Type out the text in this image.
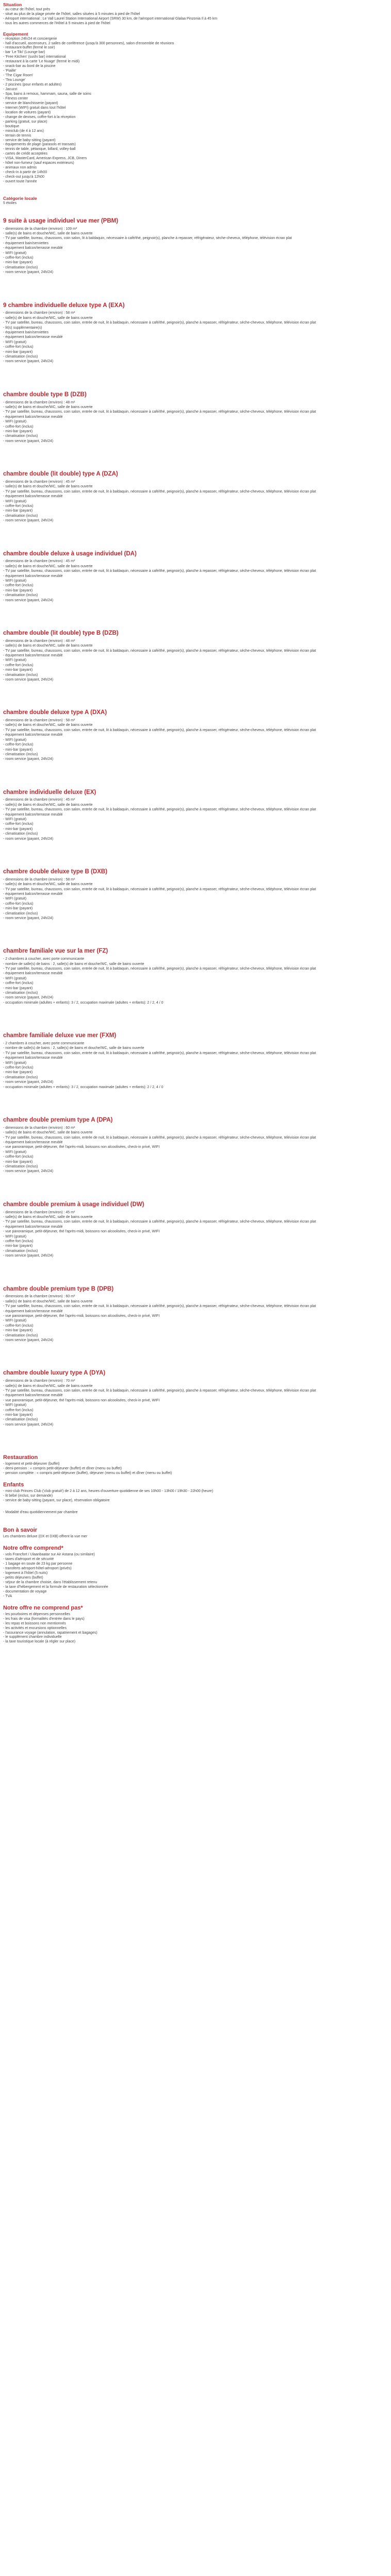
Situation

- au cœur de l'hôtel, tout près

- situé au plus de la plage privée de l'hôtel, salles situées à 5 minutes à pied de l'hôtel

- Aéroport international : Le Vall Laurel Station International Airport (SRW) 30 km, de l'aéroport international Glalaa Pinzonia Il à 45 km

- tous les autres commerces de l'Hôtel à 5 minutes à pied de l'hôtel

Equipement

- réception 24h/24 et conciergerie

- hall d'accueil, ascenseurs, 2 salles de conférence (jusqu'à 300 personnes), salon d'ensemble de réunions

- restaurant-buffet (fermé le soir)

- bar 'Le Tiki' (Lounge bar)

- 'Free Kitchen' (sushi bar) international

- restaurant à la carte 'Le Nuage' (fermé le midi)

- snack-bar au bord de la piscine

- 'Piaille'

- 'The Cigar Room'

- 'Tea Lounge'

- 2 piscines (pour enfants et adultes)

- Jacuzzi

- Spa, bains à remous, hammam, sauna, salle de soins

- Fitness center

- service de blanchisserie (payant)

- Internet (WIFI) gratuit dans tout l'hôtel

- location de voitures (payant)

- change de devises, coffre-fort à la réception

- parking (gratuit, sur place)

- boutique

- miniclub (de 4 à 12 ans)

- terrain de tennis

- service de baby-sitting (payant)

- équipements de plage (parasols et transats)

- tennis de table, pétanque, billard, volley-ball

- cartes de crédit acceptées

- VISA, MasterCard, American Express, JCB, Diners

- hôtel non-fumeur (sauf espaces extérieurs)

- animaux non admis

- check-in à partir de 14h00

- check-out jusqu'à 12h00

- ouvert toute l'année

Catégorie locale

5 étoiles

9 suite à usage individuel vue mer (PBM)

- dimensions de la chambre (environ) : 109 m²

- salle(s) de bains et douche/WC, salle de bains ouverte

- TV par satellite, bureau, chaussons, coin salon, lit à baldaquin, nécessaire à café/thé, peignoir(s), planche à repasser, réfrigérateur, sèche-cheveux, téléphone, télévision écran plat

- équipement bain/serviettes

- équipement balcon/terrasse meublé

- WIFI (gratuit)

- coffre-fort (inclus)

- mini-bar (payant)

- climatisation (inclus)

- room service (payant, 24h/24)

9 chambre individuelle deluxe type A (EXA)

- dimensions de la chambre (environ) : 58 m²

- salle(s) de bains et douche/WC, salle de bains ouverte

- TV par satellite, bureau, chaussons, coin salon, entrée de nuit, lit à baldaquin, nécessaire à café/thé, peignoir(s), planche à repasser, réfrigérateur, sèche-cheveux, téléphone, télévision écran plat

- lit(s) supplémentaire(s)

- équipement bain/serviettes

- équipement balcon/terrasse meublé

- WIFI (gratuit)

- coffre-fort (inclus)

- mini-bar (payant)

- climatisation (inclus)

- room service (payant, 24h/24)

chambre double type B (DZB)

- dimensions de la chambre (environ) : 48 m²

- salle(s) de bains et douche/WC, salle de bains ouverte

- TV par satellite, bureau, chaussons, coin salon, entrée de nuit, lit à baldaquin, nécessaire à café/thé, peignoir(s), planche à repasser, réfrigérateur, sèche-cheveux, téléphone, télévision écran plat

- équipement balcon/terrasse meublé

- WIFI (gratuit)

- coffre-fort (inclus)

- mini-bar (payant)

- climatisation (inclus)

- room service (payant, 24h/24)

chambre double (lit double) type A (DZA)

- dimensions de la chambre (environ) : 45 m²

- salle(s) de bains et douche/WC, salle de bains ouverte

- TV par satellite, bureau, chaussons, coin salon, entrée de nuit, lit à baldaquin, nécessaire à café/thé, peignoir(s), planche à repasser, réfrigérateur, sèche-cheveux, téléphone, télévision écran plat

- équipement balcon/terrasse meublé

- WIFI (gratuit)

- coffre-fort (inclus)

- mini-bar (payant)

- climatisation (inclus)

- room service (payant, 24h/24)

chambre double deluxe à usage individuel (DA)

- dimensions de la chambre (environ) : 45 m²

- salle(s) de bains et douche/WC, salle de bains ouverte

- TV par satellite, bureau, chaussons, coin salon, entrée de nuit, lit à baldaquin, nécessaire à café/thé, peignoir(s), planche à repasser, réfrigérateur, sèche-cheveux, téléphone, télévision écran plat

- équipement balcon/terrasse meublé

- WIFI (gratuit)

- coffre-fort (inclus)

- mini-bar (payant)

- climatisation (inclus)

- room service (payant, 24h/24)

chambre double (lit double) type B (DZB)

- dimensions de la chambre (environ) : 48 m²

- salle(s) de bains et douche/WC, salle de bains ouverte

- TV par satellite, bureau, chaussons, coin salon, entrée de nuit, lit à baldaquin, nécessaire à café/thé, peignoir(s), planche à repasser, réfrigérateur, sèche-cheveux, téléphone, télévision écran plat

- équipement balcon/terrasse meublé

- WIFI (gratuit)

- coffre-fort (inclus)

- mini-bar (payant)

- climatisation (inclus)

- room service (payant, 24h/24)

chambre double deluxe type A (DXA)

- dimensions de la chambre (environ) : 58 m²

- salle(s) de bains et douche/WC, salle de bains ouverte

- TV par satellite, bureau, chaussons, coin salon, entrée de nuit, lit à baldaquin, nécessaire à café/thé, peignoir(s), planche à repasser, réfrigérateur, sèche-cheveux, téléphone, télévision écran plat

- équipement balcon/terrasse meublé

- WIFI (gratuit)

- coffre-fort (inclus)

- mini-bar (payant)

- climatisation (inclus)

- room service (payant, 24h/24)

chambre individuelle deluxe (EX)

- dimensions de la chambre (environ) : 45 m²

- salle(s) de bains et douche/WC, salle de bains ouverte

- TV par satellite, bureau, chaussons, coin salon, entrée de nuit, lit à baldaquin, nécessaire à café/thé, peignoir(s), planche à repasser, réfrigérateur, sèche-cheveux, téléphone, télévision écran plat

- équipement balcon/terrasse meublé

- WIFI (gratuit)

- coffre-fort (inclus)

- mini-bar (payant)

- climatisation (inclus)

- room service (payant, 24h/24)

chambre double deluxe type B (DXB)

- dimensions de la chambre (environ) : 58 m²

- salle(s) de bains et douche/WC, salle de bains ouverte

- TV par satellite, bureau, chaussons, coin salon, entrée de nuit, lit à baldaquin, nécessaire à café/thé, peignoir(s), planche à repasser, réfrigérateur, sèche-cheveux, téléphone, télévision écran plat

- équipement balcon/terrasse meublé

- WIFI (gratuit)

- coffre-fort (inclus)

- mini-bar (payant)

- climatisation (inclus)

- room service (payant, 24h/24)

chambre familiale vue sur la mer (FZ)

- 2 chambres à coucher, avec porte communicante

- nombre de salle(s) de bains : 2, salle(s) de bains et douche/WC, salle de bains ouverte

- TV par satellite, bureau, chaussons, coin salon, entrée de nuit, lit à baldaquin, nécessaire à café/thé, peignoir(s), planche à repasser, réfrigérateur, sèche-cheveux, téléphone, télévision écran plat

- équipement balcon/terrasse meublé

- WIFI (gratuit)

- coffre-fort (inclus)

- mini-bar (payant)

- climatisation (inclus)

- room service (payant, 24h/24)

- occupation minimale (adultes + enfants): 3 / 2, occupation maximale (adultes + enfants): 2 / 2, 4 / 0

chambre familiale deluxe vue mer (FXM)

- 2 chambres à coucher, avec porte communicante

- nombre de salle(s) de bains : 2, salle(s) de bains et douche/WC, salle de bains ouverte

- TV par satellite, bureau, chaussons, coin salon, entrée de nuit, lit à baldaquin, nécessaire à café/thé, peignoir(s), planche à repasser, réfrigérateur, sèche-cheveux, téléphone, télévision écran plat

- équipement balcon/terrasse meublé

- WIFI (gratuit)

- coffre-fort (inclus)

- mini-bar (payant)

- climatisation (inclus)

- room service (payant, 24h/24)

- occupation minimale (adultes + enfants): 3 / 2, occupation maximale (adultes + enfants): 2 / 2, 4 / 0

chambre double premium type A (DPA)

- dimensions de la chambre (environ) : 60 m²

- salle(s) de bains et douche/WC, salle de bains ouverte

- TV par satellite, bureau, chaussons, coin salon, entrée de nuit, lit à baldaquin, nécessaire à café/thé, peignoir(s), planche à repasser, réfrigérateur, sèche-cheveux, téléphone, télévision écran plat

- équipement balcon/terrasse meublé

- vue panoramique, petit-déjeuner, thé l'après-midi, boissons non alcoolisées, check-in privé, WIFI

- WIFI (gratuit)

- coffre-fort (inclus)

- mini-bar (payant)

- climatisation (inclus)

- room service (payant, 24h/24)

chambre double premium à usage individuel (DW)

- dimensions de la chambre (environ) : 45 m²

- salle(s) de bains et douche/WC, salle de bains ouverte

- TV par satellite, bureau, chaussons, coin salon, entrée de nuit, lit à baldaquin, nécessaire à café/thé, peignoir(s), planche à repasser, réfrigérateur, sèche-cheveux, téléphone, télévision écran plat

- équipement balcon/terrasse meublé

- vue panoramique, petit-déjeuner, thé l'après-midi, boissons non alcoolisées, check-in privé, WIFI

- WIFI (gratuit)

- coffre-fort (inclus)

- mini-bar (payant)

- climatisation (inclus)

- room service (payant, 24h/24)

chambre double premium type B (DPB)

- dimensions de la chambre (environ) : 60 m²

- salle(s) de bains et douche/WC, salle de bains ouverte

- TV par satellite, bureau, chaussons, coin salon, entrée de nuit, lit à baldaquin, nécessaire à café/thé, peignoir(s), planche à repasser, réfrigérateur, sèche-cheveux, téléphone, télévision écran plat

- équipement balcon/terrasse meublé

- vue panoramique, petit-déjeuner, thé l'après-midi, boissons non alcoolisées, check-in privé, WIFI

- WIFI (gratuit)

- coffre-fort (inclus)

- mini-bar (payant)

- climatisation (inclus)

- room service (payant, 24h/24)

chambre double luxury type A (DYA)

- dimensions de la chambre (environ) : 70 m²

- salle(s) de bains et douche/WC, salle de bains ouverte

- TV par satellite, bureau, chaussons, coin salon, entrée de nuit, lit à baldaquin, nécessaire à café/thé, peignoir(s), planche à repasser, réfrigérateur, sèche-cheveux, téléphone, télévision écran plat

- équipement balcon/terrasse meublé

- vue panoramique, petit-déjeuner, thé l'après-midi, boissons non alcoolisées, check-in privé, WIFI

- WIFI (gratuit)

- coffre-fort (inclus)

- mini-bar (payant)

- climatisation (inclus)

- room service (payant, 24h/24)

Restauration

- logement et petit-déjeuner (buffet)

- demi-pension : « compris petit-déjeuner (buffet) et dîner (menu ou buffet)

- pension complète : « compris petit-déjeuner (buffet), déjeuner (menu ou buffet) et dîner (menu ou buffet)

Enfants

- mini-club Princes Club ('club gratuit') de 2 à 12 ans, heures d'ouverture quotidienne de ses 10h00 - 13h00 / 19h30 - 22h00 (heure)

- lit bébé (inclus, sur demande)

- service de baby-sitting (payant, sur place), réservation obligatoire

- Modalité d'eau quotidiennement par chambre

Bon à savoir

Les chambres deluxe (DX et DXB) offrent la vue mer

Notre offre comprend*

- vols Francfort / Ulaanbaatar sur Air Astana (ou similaire)

- taxes d'aéroport et de sécurité

- 1 bagage en soute de 23 kg par personne

- transferts aéroport-hôtel-aéroport (privés)

- logement à l'hôtel (5 nuits)

- petits déjeuners (buffet)

- séjour de la chambre choisie, dans l'établissement retenu

- la taxe d'hébergement et la formule de restauration sélectionnée

- documentation de voyage

- TVA

Notre offre ne comprend pas*

- les pourboires et dépenses personnelles

- les frais de visa (formalités d'entrée dans le pays)

- les repas et boissons non mentionnés

- les activités et excursions optionnelles

- l'assurance voyage (annulation, rapatriement et bagages)

- le supplément chambre individuelle

- la taxe touristique locale (à régler sur place)
